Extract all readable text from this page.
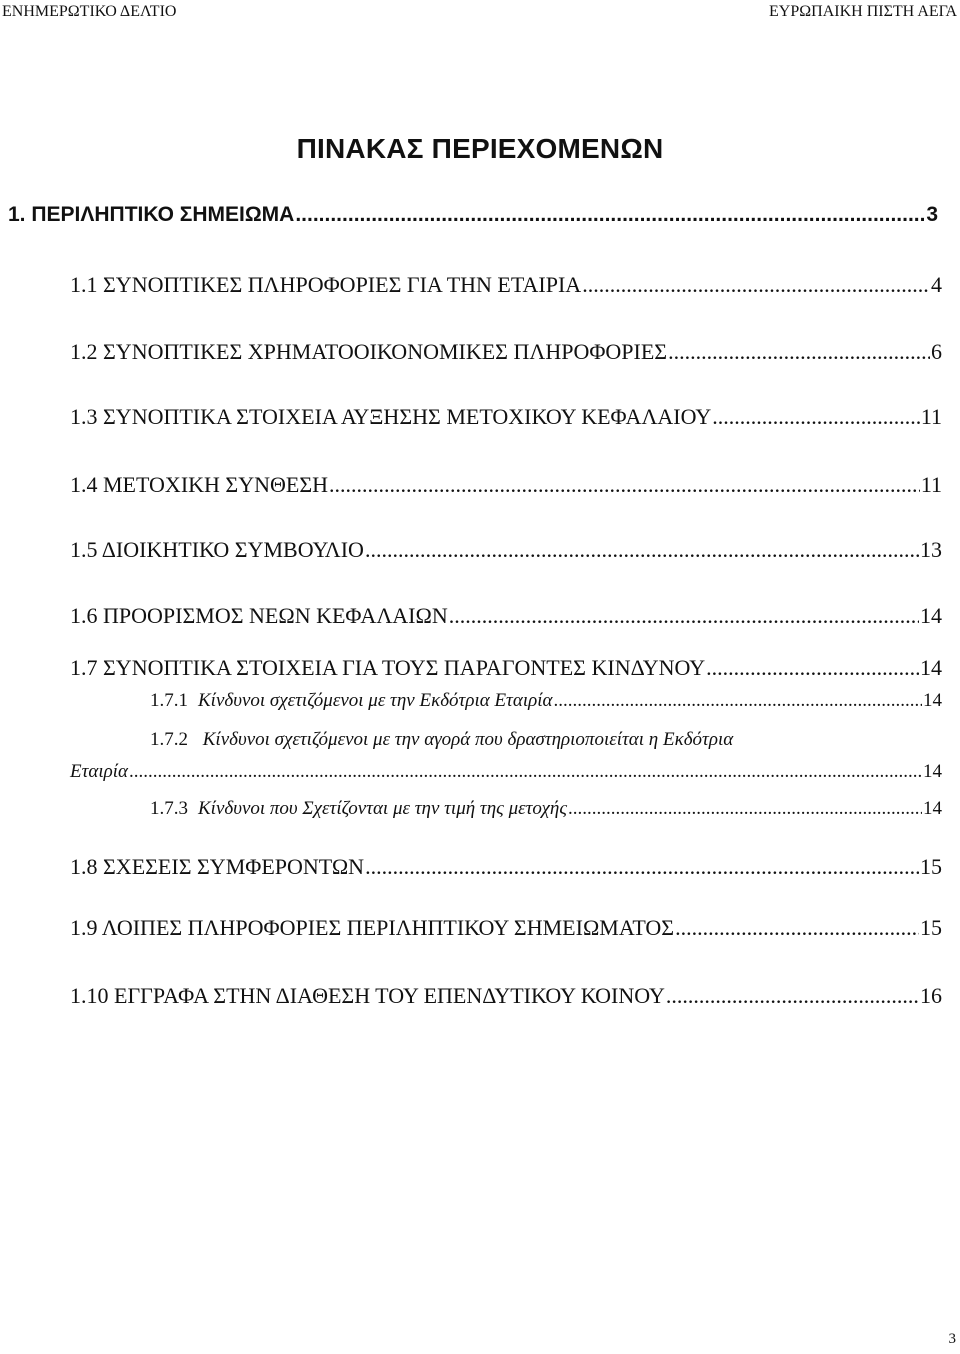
ΕΝΗΜΕΡΩΤΙΚΟ ΔΕΛΤΙΟ	ΕΥΡΩΠΑΙΚΗ ΠΙΣΤΗ ΑΕΓΑ
ΠΙΝΑΚΑΣ ΠΕΡΙΕΧΟΜΕΝΩΝ
1. ΠΕΡΙΛΗΠΤΙΚΟ ΣΗΜΕΙΩΜΑ .....	3
1.1 ΣΥΝΟΠΤΙΚΕΣ ΠΛΗΡΟΦΟΡΙΕΣ ΓΙΑ ΤΗΝ ΕΤΑΙΡΙΑ .....	4
1.2 ΣΥΝΟΠΤΙΚΕΣ ΧΡΗΜΑΤΟΟΙΚΟΝΟΜΙΚΕΣ ΠΛΗΡΟΦΟΡΙΕΣ .....	6
1.3 ΣΥΝΟΠΤΙΚΑ ΣΤΟΙΧΕΙΑ ΑΥΞΗΣΗΣ ΜΕΤΟΧΙΚΟΥ ΚΕΦΑΛΑΙΟΥ .....	11
1.4 ΜΕΤΟΧΙΚΗ ΣΥΝΘΕΣΗ .....	11
1.5 ΔΙΟΙΚΗΤΙΚΟ ΣΥΜΒΟΥΛΙΟ .....	13
1.6 ΠΡΟΟΡΙΣΜΟΣ ΝΕΩΝ ΚΕΦΑΛΑΙΩΝ .....	14
1.7 ΣΥΝΟΠΤΙΚΑ ΣΤΟΙΧΕΙΑ ΓΙΑ ΤΟΥΣ ΠΑΡΑΓΟΝΤΕΣ ΚΙΝΔΥΝΟΥ .....	14
1.7.1 Κίνδυνοι σχετιζόμενοι με την Εκδότρια Εταιρία .....	14
1.7.2 Κίνδυνοι σχετιζόμενοι με την αγορά που δραστηριοποιείται η Εκδότρια
Εταιρία .....	14
1.7.3 Κίνδυνοι που Σχετίζονται με την τιμή της μετοχής .....	14
1.8 ΣΧΕΣΕΙΣ ΣΥΜΦΕΡΟΝΤΩΝ .....	15
1.9 ΛΟΙΠΕΣ ΠΛΗΡΟΦΟΡΙΕΣ ΠΕΡΙΛΗΠΤΙΚΟΥ ΣΗΜΕΙΩΜΑΤΟΣ .....	15
1.10 ΕΓΓΡΑΦΑ ΣΤΗΝ ΔΙΑΘΕΣΗ ΤΟΥ ΕΠΕΝΔΥΤΙΚΟΥ ΚΟΙΝΟΥ .....	16
3
